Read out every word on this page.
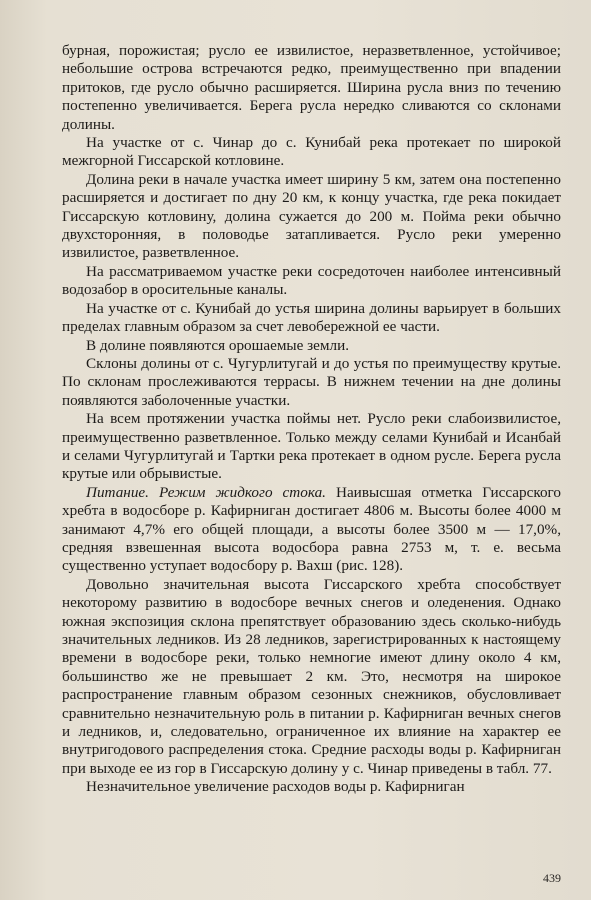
бурная, порожистая; русло ее извилистое, неразветвленное, устойчивое; небольшие острова встречаются редко, преимущественно при впадении притоков, где русло обычно расширяется. Ширина русла вниз по течению постепенно увеличивается. Берега русла нередко сливаются со склонами долины.

На участке от с. Чинар до с. Кунибай река протекает по широкой межгорной Гиссарской котловине.

Долина реки в начале участка имеет ширину 5 км, затем она постепенно расширяется и достигает по дну 20 км, к концу участка, где река покидает Гиссарскую котловину, долина сужается до 200 м. Пойма реки обычно двухсторонняя, в половодье затапливается. Русло реки умеренно извилистое, разветвленное.

На рассматриваемом участке реки сосредоточен наиболее интенсивный водозабор в оросительные каналы.

На участке от с. Кунибай до устья ширина долины варьирует в больших пределах главным образом за счет левобережной ее части.

В долине появляются орошаемые земли.

Склоны долины от с. Чугурлитугай и до устья по преимуществу крутые. По склонам прослеживаются террасы. В нижнем течении на дне долины появляются заболоченные участки.

На всем протяжении участка поймы нет. Русло реки слабоизвилистое, преимущественно разветвленное. Только между селами Кунибай и Исанбай и селами Чугурлитугай и Тартки река протекает в одном русле. Берега русла крутые или обрывистые.

Питание. Режим жидкого стока. Наивысшая отметка Гиссарского хребта в водосборе р. Кафирниган достигает 4806 м. Высоты более 4000 м занимают 4,7% его общей площади, а высоты более 3500 м — 17,0%, средняя взвешенная высота водосбора равна 2753 м, т. е. весьма существенно уступает водосбору р. Вахш (рис. 128).

Довольно значительная высота Гиссарского хребта способствует некоторому развитию в водосборе вечных снегов и оледенения. Однако южная экспозиция склона препятствует образованию здесь сколько-нибудь значительных ледников. Из 28 ледников, зарегистрированных к настоящему времени в водосборе реки, только немногие имеют длину около 4 км, большинство же не превышает 2 км. Это, несмотря на широкое распространение главным образом сезонных снежников, обусловливает сравнительно незначительную роль в питании р. Кафирниган вечных снегов и ледников, и, следовательно, ограниченное их влияние на характер ее внутригодового распределения стока. Средние расходы воды р. Кафирниган при выходе ее из гор в Гиссарскую долину у с. Чинар приведены в табл. 77.

Незначительное увеличение расходов воды р. Кафирниган

439
